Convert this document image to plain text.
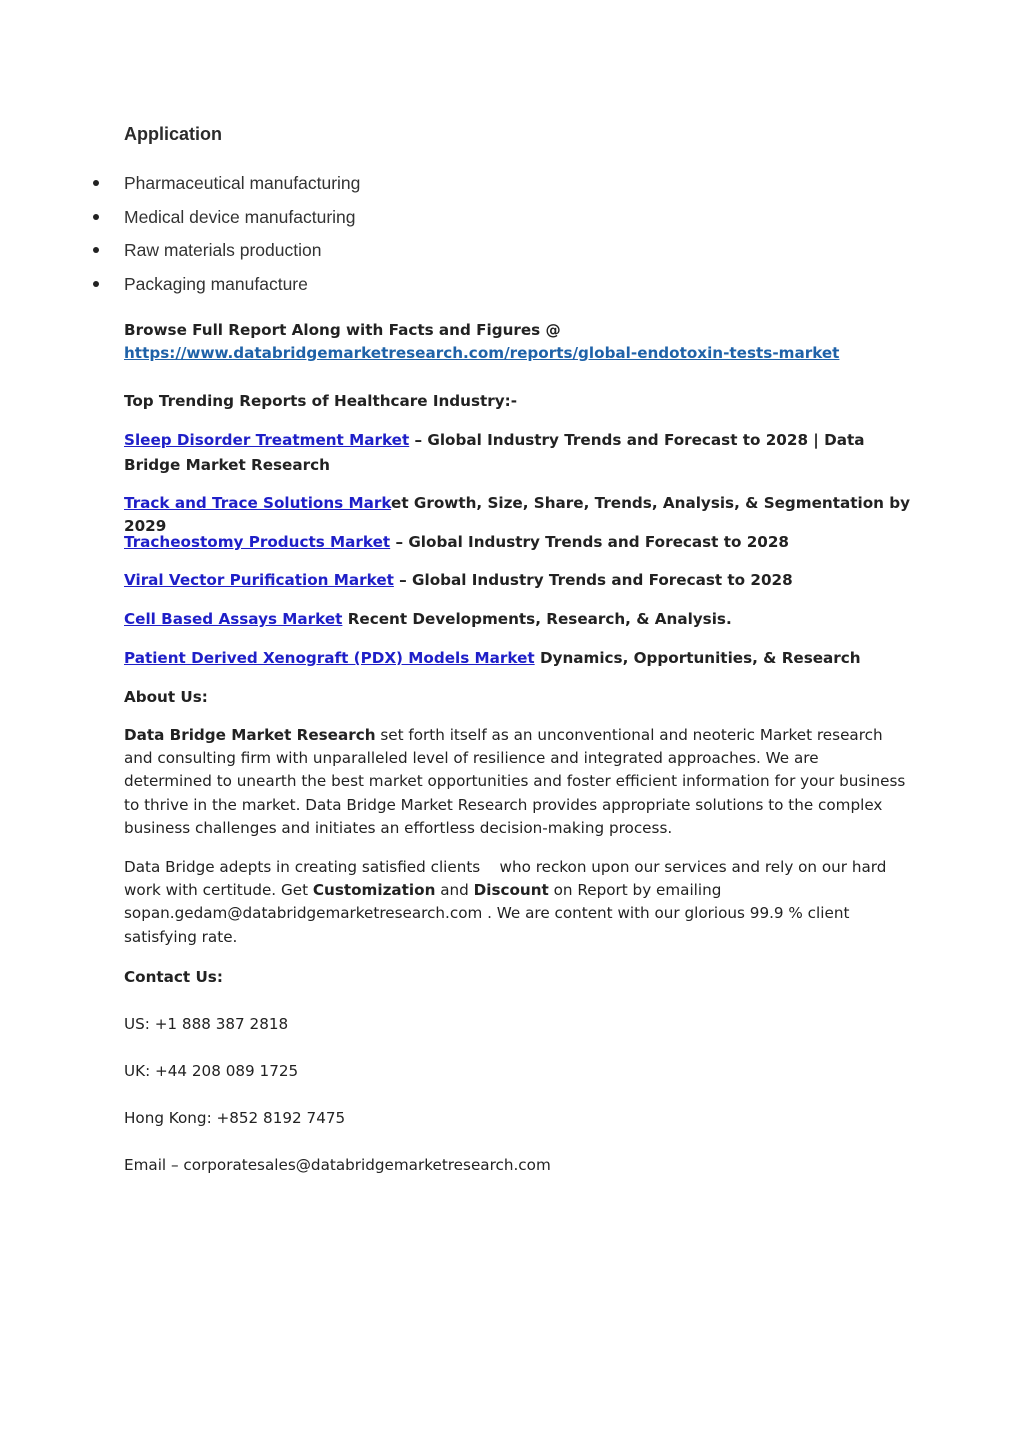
Application
Pharmaceutical manufacturing
Medical device manufacturing
Raw materials production
Packaging manufacture
Browse Full Report Along with Facts and Figures @
https://www.databridgemarketresearch.com/reports/global-endotoxin-tests-market
Top Trending Reports of Healthcare Industry:-
Sleep Disorder Treatment Market – Global Industry Trends and Forecast to 2028 | Data Bridge Market Research
Track and Trace Solutions Market Growth, Size, Share, Trends, Analysis, & Segmentation by 2029
Tracheostomy Products Market – Global Industry Trends and Forecast to 2028
Viral Vector Purification Market – Global Industry Trends and Forecast to 2028
Cell Based Assays Market Recent Developments, Research, & Analysis.
Patient Derived Xenograft (PDX) Models Market Dynamics, Opportunities, & Research
About Us:
Data Bridge Market Research set forth itself as an unconventional and neoteric Market research and consulting firm with unparalleled level of resilience and integrated approaches. We are determined to unearth the best market opportunities and foster efficient information for your business to thrive in the market. Data Bridge Market Research provides appropriate solutions to the complex business challenges and initiates an effortless decision-making process.
Data Bridge adepts in creating satisfied clients    who reckon upon our services and rely on our hard work with certitude. Get Customization and Discount on Report by emailing sopan.gedam@databridgemarketresearch.com . We are content with our glorious 99.9 % client satisfying rate.
Contact Us:
US: +1 888 387 2818
UK: +44 208 089 1725
Hong Kong: +852 8192 7475
Email – corporatesales@databridgemarketresearch.com
